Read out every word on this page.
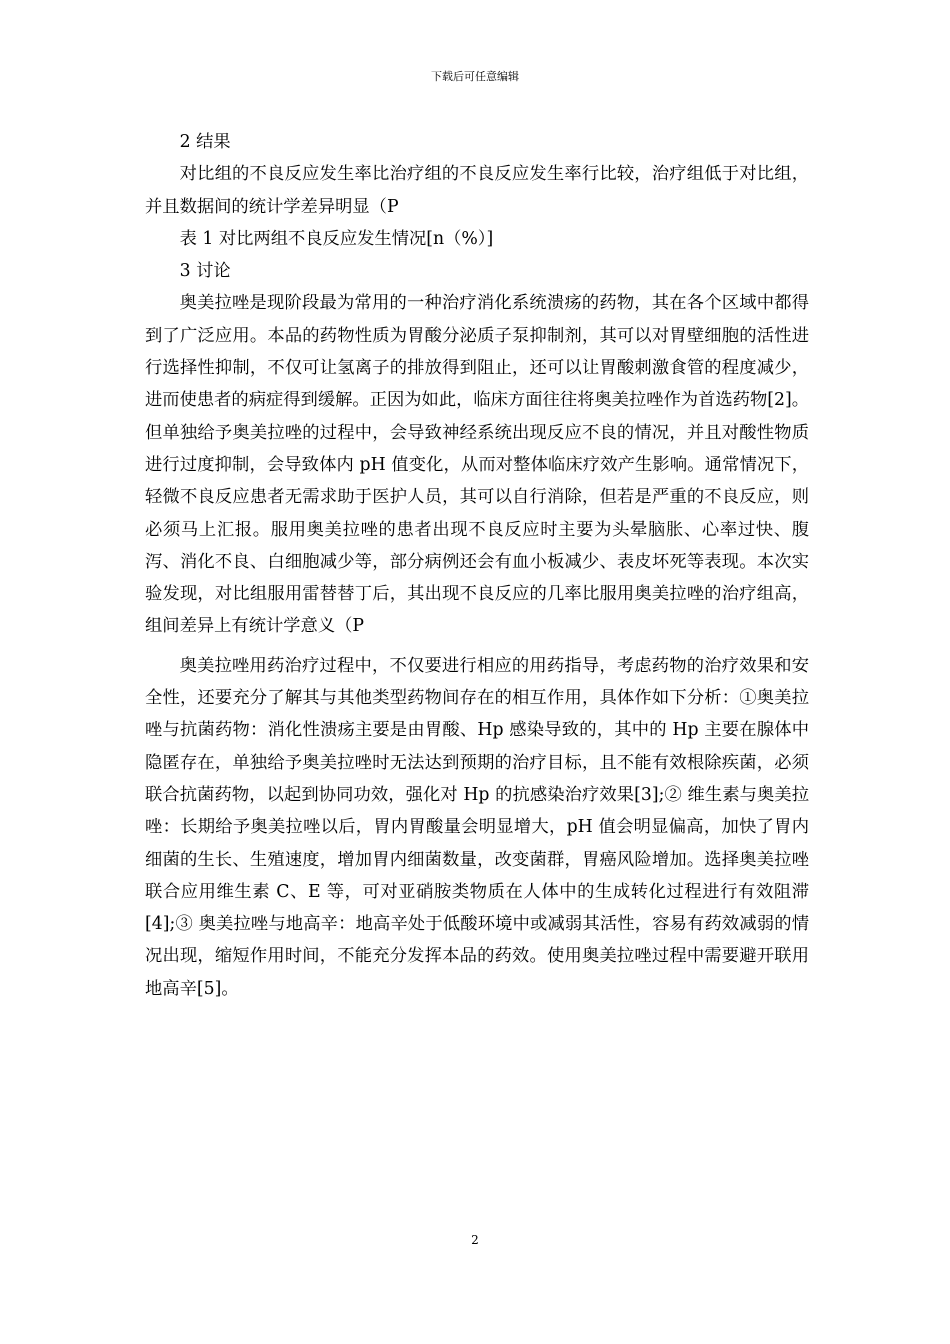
下载后可任意编辑

2 结果

对比组的不良反应发生率比治疗组的不良反应发生率行比较，治疗组低于对比组，并且数据间的统计学差异明显（P

表 1 对比两组不良反应发生情况[n（%）]

3 讨论

奥美拉唑是现阶段最为常用的一种治疗消化系统溃疡的药物，其在各个区域中都得到了广泛应用。本品的药物性质为胃酸分泌质子泵抑制剂，其可以对胃壁细胞的活性进行选择性抑制，不仅可让氢离子的排放得到阻止，还可以让胃酸刺激食管的程度减少，进而使患者的病症得到缓解。正因为如此，临床方面往往将奥美拉唑作为首选药物[2]。但单独给予奥美拉唑的过程中，会导致神经系统出现反应不良的情况，并且对酸性物质进行过度抑制，会导致体内 pH 值变化，从而对整体临床疗效产生影响。通常情况下，轻微不良反应患者无需求助于医护人员，其可以自行消除，但若是严重的不良反应，则必须马上汇报。服用奥美拉唑的患者出现不良反应时主要为头晕脑胀、心率过快、腹泻、消化不良、白细胞减少等，部分病例还会有血小板减少、表皮坏死等表现。本次实验发现，对比组服用雷替替丁后，其出现不良反应的几率比服用奥美拉唑的治疗组高，组间差异上有统计学意义（P

奥美拉唑用药治疗过程中，不仅要进行相应的用药指导，考虑药物的治疗效果和安全性，还要充分了解其与其他类型药物间存在的相互作用，具体作如下分析：①奥美拉唑与抗菌药物：消化性溃疡主要是由胃酸、Hp 感染导致的，其中的 Hp 主要在腺体中隐匿存在，单独给予奥美拉唑时无法达到预期的治疗目标，且不能有效根除疾菌，必须联合抗菌药物，以起到协同功效，强化对 Hp 的抗感染治疗效果[3];② 维生素与奥美拉唑：长期给予奥美拉唑以后，胃内胃酸量会明显增大，pH 值会明显偏高，加快了胃内细菌的生长、生殖速度，增加胃内细菌数量，改变菌群，胃癌风险增加。选择奥美拉唑联合应用维生素 C、E 等，可对亚硝胺类物质在人体中的生成转化过程进行有效阻滞[4];③ 奥美拉唑与地高辛：地高辛处于低酸环境中或减弱其活性，容易有药效减弱的情况出现，缩短作用时间，不能充分发挥本品的药效。使用奥美拉唑过程中需要避开联用地高辛[5]。

2
